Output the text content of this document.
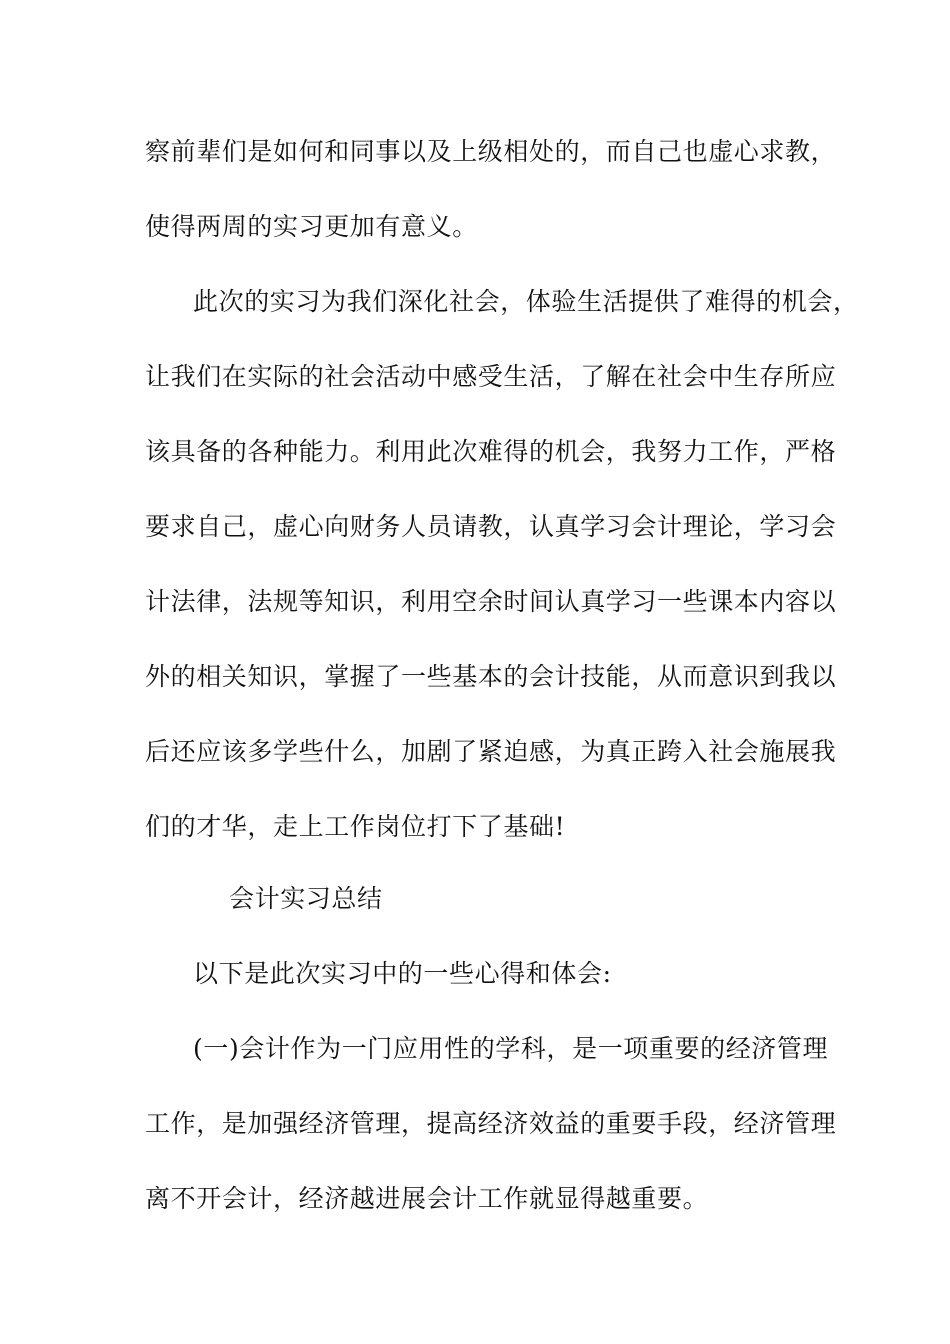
察前辈们是如何和同事以及上级相处的，而自己也虚心求教，
使得两周的实习更加有意义。
此次的实习为我们深化社会，体验生活提供了难得的机会，
让我们在实际的社会活动中感受生活，了解在社会中生存所应
该具备的各种能力。利用此次难得的机会，我努力工作，严格
要求自己，虚心向财务人员请教，认真学习会计理论，学习会
计法律，法规等知识，利用空余时间认真学习一些课本内容以
外的相关知识，掌握了一些基本的会计技能，从而意识到我以
后还应该多学些什么，加剧了紧迫感，为真正跨入社会施展我
们的才华，走上工作岗位打下了基础!
会计实习总结
以下是此次实习中的一些心得和体会:
(一)会计作为一门应用性的学科，是一项重要的经济管理
工作，是加强经济管理，提高经济效益的重要手段，经济管理
离不开会计，经济越进展会计工作就显得越重要。
